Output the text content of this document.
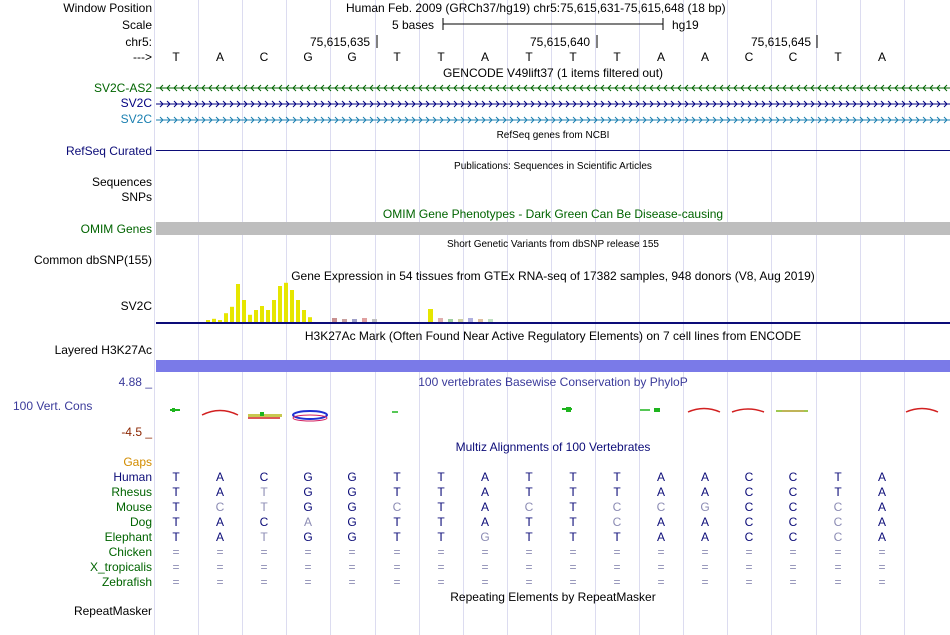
Window Position	Human Feb. 2009 (GRCh37/hg19) chr5:75,615,631-75,615,648 (18 bp)
Scale	5 bases	hg19
chr5:	75,615,635	75,615,640	75,615,645
---> T	A	C	G	G	T	T	A	T	T	T	A	A	C	C	T	A
GENCODE V49lift37 (1 items filtered out)
SV2C-AS2
SV2C
SV2C
RefSeq genes from NCBI
RefSeq Curated
Publications: Sequences in Scientific Articles
Sequences
SNPs
OMIM Gene Phenotypes - Dark Green Can Be Disease-causing
OMIM Genes
Short Genetic Variants from dbSNP release 155
Common dbSNP(155)
Gene Expression in 54 tissues from GTEx RNA-seq of 17382 samples, 948 donors (V8, Aug 2019)
SV2C
H3K27Ac Mark (Often Found Near Active Regulatory Elements) on 7 cell lines from ENCODE
Layered H3K27Ac
100 vertebrates Basewise Conservation by PhyloP
4.88 _
100 Vert. Cons
-4.5 _
Multiz Alignments of 100 Vertebrates
Gaps
Human T	A	C	G	G	T	T	A	T	T	T	A	A	C	C	T	A
Rhesus T	A	T	G	G	T	T	A	T	T	T	A	A	C	C	T	A
Mouse T	C	T	G	G	C	T	A	C	T	C	C	G	C	C	C	A
Dog T	A	C	A	G	T	T	A	T	T	C	A	A	C	C	C	A
Elephant T	A	T	G	G	T	T	G	T	T	T	A	A	C	C	C	A
Chicken =	=	=	=	=	=	=	=	=	=	=	=	=	=	=	=	=
X_tropicalis =	=	=	=	=	=	=	=	=	=	=	=	=	=	=	=	=
Zebrafish =	=	=	=	=	=	=	=	=	=	=	=	=	=	=	=	=
Repeating Elements by RepeatMasker
RepeatMasker
